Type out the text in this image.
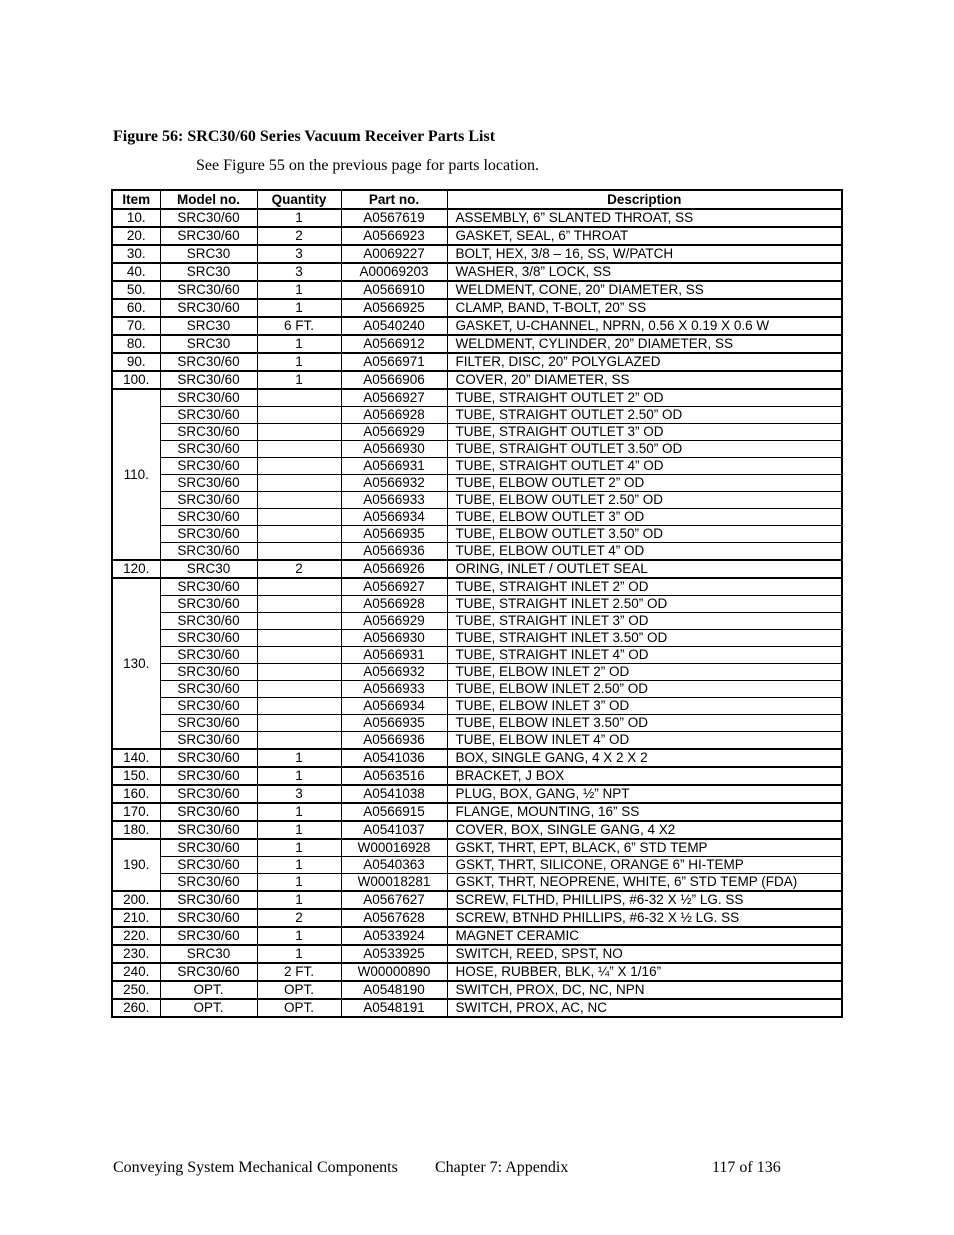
Figure 56: SRC30/60 Series Vacuum Receiver Parts List
See Figure 55 on the previous page for parts location.
Item	Model no.	Quantity	Part no.	Description
10.	SRC30/60	1	A0567619	ASSEMBLY, 6” SLANTED THROAT, SS
20.	SRC30/60	2	A0566923	GASKET, SEAL, 6” THROAT
30.	SRC30	3	A0069227	BOLT, HEX, 3/8 – 16, SS, W/PATCH
40.	SRC30	3	A00069203	WASHER, 3/8” LOCK, SS
50.	SRC30/60	1	A0566910	WELDMENT, CONE, 20” DIAMETER, SS
60.	SRC30/60	1	A0566925	CLAMP, BAND, T-BOLT, 20” SS
70.	SRC30	6 FT.	A0540240	GASKET, U-CHANNEL, NPRN, 0.56 X 0.19 X 0.6 W
80.	SRC30	1	A0566912	WELDMENT, CYLINDER, 20” DIAMETER, SS
90.	SRC30/60	1	A0566971	FILTER, DISC, 20” POLYGLAZED
100.	SRC30/60	1	A0566906	COVER, 20” DIAMETER, SS
110.	SRC30/60		A0566927	TUBE, STRAIGHT OUTLET 2” OD
	SRC30/60		A0566928	TUBE, STRAIGHT OUTLET 2.50” OD
	SRC30/60		A0566929	TUBE, STRAIGHT OUTLET 3” OD
	SRC30/60		A0566930	TUBE, STRAIGHT OUTLET 3.50” OD
	SRC30/60		A0566931	TUBE, STRAIGHT OUTLET 4” OD
	SRC30/60		A0566932	TUBE, ELBOW OUTLET 2” OD
	SRC30/60		A0566933	TUBE, ELBOW OUTLET 2.50” OD
	SRC30/60		A0566934	TUBE, ELBOW OUTLET 3” OD
	SRC30/60		A0566935	TUBE, ELBOW OUTLET 3.50” OD
	SRC30/60		A0566936	TUBE, ELBOW OUTLET 4” OD
120.	SRC30	2	A0566926	ORING, INLET / OUTLET SEAL
130.	SRC30/60		A0566927	TUBE, STRAIGHT INLET 2” OD
	SRC30/60		A0566928	TUBE, STRAIGHT INLET 2.50” OD
	SRC30/60		A0566929	TUBE, STRAIGHT INLET 3” OD
	SRC30/60		A0566930	TUBE, STRAIGHT INLET 3.50” OD
	SRC30/60		A0566931	TUBE, STRAIGHT INLET 4” OD
	SRC30/60		A0566932	TUBE, ELBOW INLET 2” OD
	SRC30/60		A0566933	TUBE, ELBOW INLET 2.50” OD
	SRC30/60		A0566934	TUBE, ELBOW INLET 3” OD
	SRC30/60		A0566935	TUBE, ELBOW INLET 3.50” OD
	SRC30/60		A0566936	TUBE, ELBOW INLET 4” OD
140.	SRC30/60	1	A0541036	BOX, SINGLE GANG, 4 X 2 X 2
150.	SRC30/60	1	A0563516	BRACKET, J BOX
160.	SRC30/60	3	A0541038	PLUG, BOX, GANG, ½” NPT
170.	SRC30/60	1	A0566915	FLANGE, MOUNTING, 16” SS
180.	SRC30/60	1	A0541037	COVER, BOX, SINGLE GANG, 4 X2
190.	SRC30/60	1	W00016928	GSKT, THRT, EPT, BLACK, 6” STD TEMP
	SRC30/60	1	A0540363	GSKT, THRT, SILICONE, ORANGE 6” HI-TEMP
	SRC30/60	1	W00018281	GSKT, THRT, NEOPRENE, WHITE, 6” STD TEMP (FDA)
200.	SRC30/60	1	A0567627	SCREW, FLTHD, PHILLIPS, #6-32 X ½” LG. SS
210.	SRC30/60	2	A0567628	SCREW, BTNHD PHILLIPS, #6-32 X ½ LG. SS
220.	SRC30/60	1	A0533924	MAGNET CERAMIC
230.	SRC30	1	A0533925	SWITCH, REED, SPST, NO
240.	SRC30/60	2 FT.	W00000890	HOSE, RUBBER, BLK, ¼” X 1/16”
250.	OPT.	OPT.	A0548190	SWITCH, PROX, DC, NC, NPN
260.	OPT.	OPT.	A0548191	SWITCH, PROX, AC, NC
Conveying System Mechanical Components Chapter 7: Appendix	117 of 136
